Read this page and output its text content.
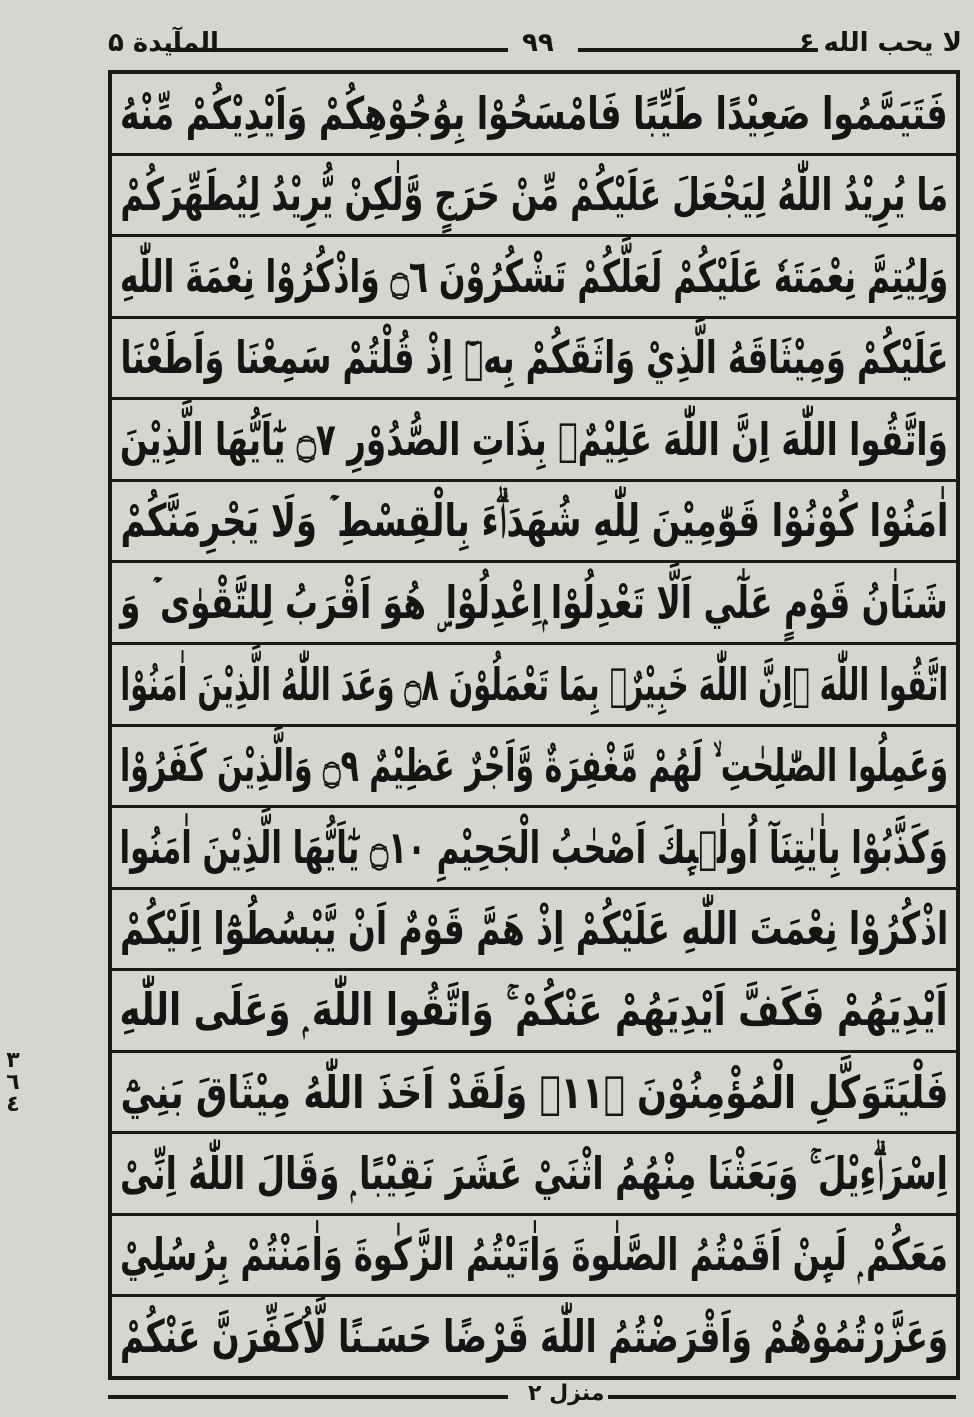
المآيدة ۵	٩٩	لا يحب الله ۶
فَتَيَمَّمُوا صَعِيْدًا طَيِّبًا فَامْسَحُوْا بِوُجُوْهِكُمْ وَاَيْدِيْكُمْ مِّنْهُ
مَا يُرِيْدُ اللّٰهُ لِيَجْعَلَ عَلَيْكُمْ مِّنْ حَرَجٍ وَّلٰكِنْ يُّرِيْدُ لِيُطَهِّرَكُمْ
وَلِيُتِمَّ نِعْمَتَهٗ عَلَيْكُمْ لَعَلَّكُمْ تَشْكُرُوْنَ ۝٦ وَاذْكُرُوْا نِعْمَةَ اللّٰهِ
عَلَيْكُمْ وَمِيْثَاقَهُ الَّذِيْ وَاثَقَكُمْ بِهٖٓ اِذْ قُلْتُمْ سَمِعْنَا وَاَطَعْنَا
وَاتَّقُوا اللّٰهَ اِنَّ اللّٰهَ عَلِيْمٌۢ بِذَاتِ الصُّدُوْرِ ۝٧ يٰٓاَيُّهَا الَّذِيْنَ
اٰمَنُوْا كُوْنُوْا قَوّٰمِيْنَ لِلّٰهِ شُهَدَاۗءَ بِالْقِسْطِ ۡ وَلَا يَجْرِمَنَّكُمْ
شَنَاٰنُ قَوْمٍ عَلٰٓي اَلَّا تَعْدِلُوْا ۭاِعْدِلُوْا ۣ هُوَ اَقْرَبُ لِلتَّقْوٰى ۡ وَ
اتَّقُوا اللّٰهَ ۭاِنَّ اللّٰهَ خَبِيْرٌۢ بِمَا تَعْمَلُوْنَ ۝٨ وَعَدَ اللّٰهُ الَّذِيْنَ اٰمَنُوْا
وَعَمِلُوا الصّٰلِحٰتِ ۙ لَهُمْ مَّغْفِرَةٌ وَّاَجْرٌ عَظِيْمٌ ۝٩ وَالَّذِيْنَ كَفَرُوْا
وَكَذَّبُوْا بِاٰيٰتِنَآ اُولٰۗىِٕكَ اَصْحٰبُ الْجَحِيْمِ ۝١٠ يٰٓاَيُّهَا الَّذِيْنَ اٰمَنُوا
اذْكُرُوْا نِعْمَتَ اللّٰهِ عَلَيْكُمْ اِذْ هَمَّ قَوْمٌ اَنْ يَّبْسُطُوْٓا اِلَيْكُمْ
اَيْدِيَهُمْ فَكَفَّ اَيْدِيَهُمْ عَنْكُمْ ۚ وَاتَّقُوا اللّٰهَ ۭ وَعَلَى اللّٰهِ
فَلْيَتَوَكَّلِ الْمُؤْمِنُوْنَ ۝١١ۧ وَلَقَدْ اَخَذَ اللّٰهُ مِيْثَاقَ بَنِيْٓ
اِسْرَاۗءِيْلَ ۚ وَبَعَثْنَا مِنْهُمُ اثْنَيْ عَشَرَ نَقِيْبًا ۭ وَقَالَ اللّٰهُ اِنِّىْ
مَعَكُمْ ۭ لَىِٕنْ اَقَمْتُمُ الصَّلٰوةَ وَاٰتَيْتُمُ الزَّكٰوةَ وَاٰمَنْتُمْ بِرُسُلِيْ
وَعَزَّرْتُمُوْهُمْ وَاَقْرَضْتُمُ اللّٰهَ قَرْضًا حَسَـنًا لَّاُكَفِّرَنَّ عَنْكُمْ
٣
٦
٤
منزل ٢
